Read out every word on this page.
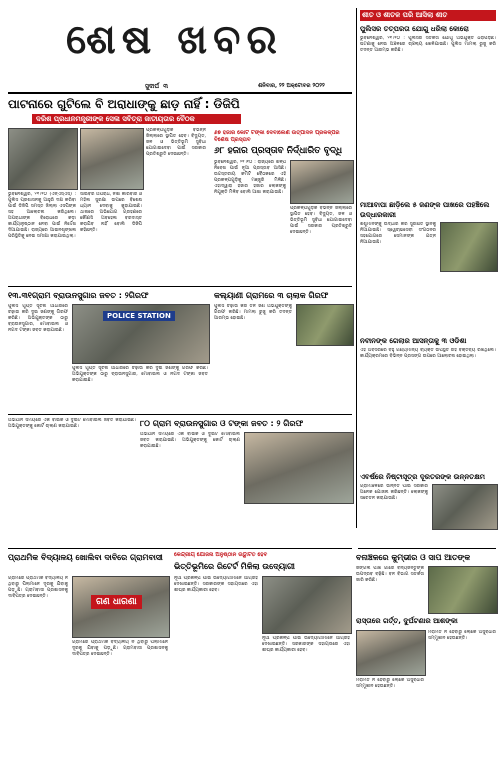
ଶେଷ ଖବର
ସୁଦୀର୍ଘ ୩	ଶନିବାର, ୨୨ ଅକ୍ଟୋବର ୨୦୨୨
ପାଟନାରେ ଗୁଟିଲେ ବି ଅରାଧାଙ୍କୁ ଛାଡ଼ ନାହିଁ : ଡିଜିପି
ଦରିଶ ପ୍ରଧାନମନ୍ତ୍ରୀଙ୍କ ସେଳା ସବିତ୍ରା ଜାତୀୟତାର ବୈଠକ
ଭୁବନେଶ୍ୱର, ୨୧।୧୦ (ଏନ୍‌ଏସ୍‌ଏସ୍) : ପୁଲିସ ପ୍ରଶାସନକୁ ଆହୁରି ଦକ୍ଷ କରିବା ପାଇଁ ଡିଜିପି ସମସ୍ତ ଜିଲ୍ଲା ଏସପିଙ୍କ ସହ ଆଲୋଚନା କରିଥିଲେ। ଅପରାଧୀଙ୍କ ବିରୋଧରେ କଡ଼ା କାର୍ଯ୍ୟାନୁଷ୍ଠାନ ନେବା ପାଇଁ ନିର୍ଦ୍ଦେଶ ଦିଆଯାଇଛି। ରାଜ୍ୟରେ ଆଇନଶୃଙ୍ଖଳା ପରିସ୍ଥିତିକୁ ନେଇ ସମୀକ୍ଷା କରାଯାଇଥିଲା।
ସାଇବର ଅପରାଧ, ନିଶା କାରବାର ଓ ମହିଳା ସୁରକ୍ଷା ଉପରେ ବିଶେଷ ଧ୍ୟାନ ଦେବାକୁ କୁହାଯାଇଛି। ଥାନାରେ ଅଭିଯୋଗ ଗ୍ରହଣରେ କୌଣସି ଅବହେଳା ବରଦାସ୍ତ କରାଯିବ ନାହିଁ ବୋଲି ଡିଜିପି କହିଛନ୍ତି।
ପ୍ରକଳ୍ପଗୁଡ଼ିକ ବିଭିନ୍ନ ଜିଲ୍ଲାରେ ସ୍ଥାପିତ ହେବ। ବିଦ୍ୟୁତ, ଜଳ ଓ ଭିତ୍ତିଭୂମି ସୁବିଧା ଯୋଗାଇଦେବା ପାଇଁ ସରକାର ପ୍ରତିଶ୍ରୁତି ଦେଇଛନ୍ତି।
୬୭ ହଜାର କୋଟି ଟଙ୍କା ଦେବାଲେଣ ଉତ୍ପାଦନ ପ୍ରକଳ୍ପର ବିଶେଷ ପ୍ରସ୍ତାବ
୬୮ ହଜାର ପ୍ରସ୍ତାବ ନିର୍ଦ୍ଧାରିତ ବୃଦ୍ଧି
ଭୁବନେଶ୍ୱର, ୨୧।୧୦ : ରାଜ୍ୟରେ ଶିଳ୍ପ ନିବେଶ ପାଇଁ ନୂଆ ପ୍ରସ୍ତାବ ଆସିଛି। ଉଚ୍ଚସ୍ତରୀୟ କମିଟି ବୈଠକରେ ଏହି ପ୍ରକଳ୍ପଗୁଡ଼ିକୁ ମଞ୍ଜୁରି ମିଳିଛି। ଏହାଦ୍ୱାରା ହଜାର ହଜାର ଲୋକଙ୍କୁ ନିଯୁକ୍ତି ମିଳିବ ବୋଲି ଆଶା କରାଯାଉଛି।
ପ୍ରକଳ୍ପଗୁଡ଼ିକ ବିଭିନ୍ନ ଜିଲ୍ଲାରେ ସ୍ଥାପିତ ହେବ। ବିଦ୍ୟୁତ, ଜଳ ଓ ଭିତ୍ତିଭୂମି ସୁବିଧା ଯୋଗାଇଦେବା ପାଇଁ ସରକାର ପ୍ରତିଶ୍ରୁତି ଦେଇଛନ୍ତି।
୧୩.୩୧ଗ୍ରାମ ବ୍ରାଉନସୁଗାର ଜବତ : ୨ଗିରଫ
ପୁଲିସ ଗୁପ୍ତ ସୂଚନା ଆଧାରରେ ଚଢ଼ାଉ କରି ଦୁଇ ଜଣଙ୍କୁ ଗିରଫ କରିଛି। ଅଭିଯୁକ୍ତଙ୍କ ଠାରୁ ବ୍ରାଉନସୁଗାର, ମୋବାଇଲ ଓ ନଗଦ ଟଙ୍କା ଜବତ କରାଯାଇଛି।
POLICE STATION
ପୁଲିସ ଗୁପ୍ତ ସୂଚନା ଆଧାରରେ ଚଢ଼ାଉ କରି ଦୁଇ ଜଣଙ୍କୁ ଗିରଫ କରିଛି। ଅଭିଯୁକ୍ତଙ୍କ ଠାରୁ ବ୍ରାଉନସୁଗାର, ମୋବାଇଲ ଓ ନଗଦ ଟଙ୍କା ଜବତ କରାଯାଇଛି।
କଲ୍ୟାଣୀ ଗ୍ରାମରେ ୩ ଚାଲାକ ଗିରଫ
ପୁଲିସ ଚଢ଼ାଉ କରି ତିନି ଜଣ ଅଭିଯୁକ୍ତଙ୍କୁ ଗିରଫ କରିଛି। ମାମଲା ରୁଜୁ କରି ତଦନ୍ତ ଆରମ୍ଭ ହୋଇଛି।
୮୦ ଗ୍ରାମ ବ୍ରାଉନସୁଗାର ଓ ଟଙ୍କା ଜବତ : ୨ ଗିରଫ
ଅଭିଯାନ ସମୟରେ ଏକ ବାଇକ ଓ ଦୁଇଟି ମୋବାଇଲ ଜବତ କରାଯାଇଛି। ଅଭିଯୁକ୍ତଙ୍କୁ କୋର୍ଟ ଚାଲାଣ କରାଯାଇଛି।
ଅଭିଯାନ ସମୟରେ ଏକ ବାଇକ ଓ ଦୁଇଟି ମୋବାଇଲ ଜବତ କରାଯାଇଛି। ଅଭିଯୁକ୍ତଙ୍କୁ କୋର୍ଟ ଚାଲାଣ କରାଯାଇଛି।
ଶୀତ ଓ ଶୀତଳ ପରି ଆସିଲା ଶୀତ
ପୁଲିସର ତତ୍ପରତା ଯୋଗୁ ଧରିଲା କୋରୋ
ଭୁବନେଶ୍ୱର, ୨୧।୧୦ : ପୁଲିସର ସତର୍କତା ଯୋଗୁ ଅଭିଯୁକ୍ତ ଧରାପଡ଼ିଛି। ଘଟଣାକୁ ନେଇ ଅଞ୍ଚଳରେ ଚାଞ୍ଚଲ୍ୟ ଖେଳିଯାଇଛି। ପୁଲିସ ମାମଲା ରୁଜୁ କରି ତଦନ୍ତ ଆରମ୍ଭ କରିଛି।
ମାଆବାପା ଛାଡ଼ିଲେ ୫ ଜଣଙ୍କ ପାଖରେ ପହଞ୍ଚିଲେ ଉଦ୍ଧାରକାରୀ
ଶିଶୁମାନଙ୍କୁ ଉଦ୍ଧାର କରି ସୁରକ୍ଷିତ ସ୍ଥାନକୁ ନିଆଯାଇଛି। ସ୍ୱେଚ୍ଛାସେବୀ ସଂଗଠନର ସହଯୋଗରେ ସେମାନଙ୍କ ଯତ୍ନ ନିଆଯାଉଛି।
ନବୀନଙ୍କ ଗେଲାର ଆସନ୍ତାକୁ ୩ ଓଡିଶା
ଏହି ଅବସରରେ ବହୁ ଗଣ୍ୟମାନ୍ୟ ବ୍ୟକ୍ତି ଉପସ୍ଥିତ ରହି ବକ୍ତବ୍ୟ ରଖିଥିଲେ। କାର୍ଯ୍ୟକ୍ରମରେ ବିଭିନ୍ନ ପ୍ରସଙ୍ଗ ଉପରେ ଆଲୋଚନା ହୋଇଥିଲା।
ଏବର୍ଷରେ ନିଷ୍ଟାସୂତ୍ର ଦୂରତରଙ୍କ ଉନ୍ନତକ୍ଷମ
ଗ୍ରାମାଞ୍ଚଳରେ ଉନ୍ନତି ପାଇଁ ସରକାର ଅନେକ ଯୋଜନା କରିଛନ୍ତି। ଲୋକଙ୍କୁ ସଚେତନ କରାଯାଉଛି।
ପ୍ରାଥମିକ ବିଦ୍ୟାଳୟ ଖୋଲିବା ଦାବିରେ ଗ୍ରାମବାସୀ
ଗ୍ରାମରେ ପ୍ରାଥମିକ ବିଦ୍ୟାଳୟ ନ ଥିବାରୁ ପିଲାମାନେ ଦୂରକୁ ଯିବାକୁ ପଡ଼ୁଛି। ଗ୍ରାମବାସୀ ପ୍ରଶାସନକୁ ଦାବିପତ୍ର ଦେଇଛନ୍ତି।
ଗଣ ଧାରଣା
ଗ୍ରାମରେ ପ୍ରାଥମିକ ବିଦ୍ୟାଳୟ ନ ଥିବାରୁ ପିଲାମାନେ ଦୂରକୁ ଯିବାକୁ ପଡ଼ୁଛି। ଗ୍ରାମବାସୀ ପ୍ରଶାସନକୁ ଦାବିପତ୍ର ଦେଇଛନ୍ତି।
କେନ୍ଦ୍ରୀୟ ଯୋଜନା ଅନୁଷ୍ଠାନ ଉଦ୍ଘାଟିତ ହେବ
ଭିତ୍ତିଭୂମିରେ ରିଟେର୍ଟ ମିଳିଲା ଉଦ୍ୟୋଗୀ
ନୂଆ ପ୍ରକଳ୍ପ ପାଇଁ ଉଦ୍ୟୋଗୀମାନେ ଆଗ୍ରହ ଦେଖାଇଛନ୍ତି। ସରକାରଙ୍କ ସହାୟତାରେ ଏହା ଶୀଘ୍ର କାର୍ଯ୍ୟକାରୀ ହେବ।
ନୂଆ ପ୍ରକଳ୍ପ ପାଇଁ ଉଦ୍ୟୋଗୀମାନେ ଆଗ୍ରହ ଦେଖାଇଛନ୍ତି। ସରକାରଙ୍କ ସହାୟତାରେ ଏହା ଶୀଘ୍ର କାର୍ଯ୍ୟକାରୀ ହେବ।
ବନାଞ୍ଚଳରେ କୁମ୍ଭୀର ଓ ସାପ ଆତଙ୍କ
ଜଙ୍ଗଲ ପାଖ ଗାଁରେ ବନ୍ୟଜନ୍ତୁଙ୍କ ଉପଦ୍ରବ ବଢ଼ିଛି। ବନ ବିଭାଗ ସତର୍କତା ଜାରି କରିଛି।
ରାସ୍ତାରେ ଗର୍ତ୍ତ, ଦୁର୍ଘଟଣାର ଆଶଙ୍କା
ମରାମତି ନ ହେବାରୁ ଲୋକେ ଅସୁବିଧାର ସମ୍ମୁଖୀନ ହେଉଛନ୍ତି।
ମରାମତି ନ ହେବାରୁ ଲୋକେ ଅସୁବିଧାର ସମ୍ମୁଖୀନ ହେଉଛନ୍ତି।
